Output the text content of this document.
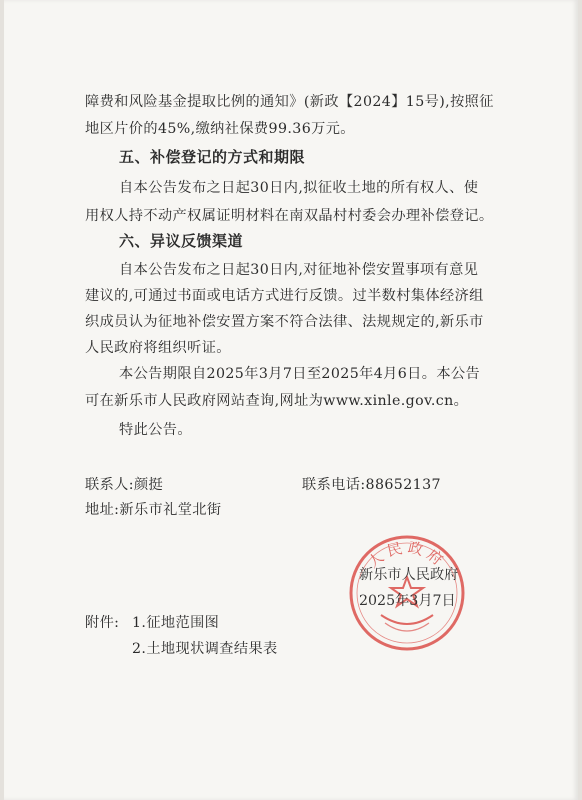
障费和风险基金提取比例的通知》(新政【2024】15号),按照征
地区片价的45%,缴纳社保费99.36万元。
五、补偿登记的方式和期限
自本公告发布之日起30日内,拟征收土地的所有权人、使
用权人持不动产权属证明材料在南双晶村村委会办理补偿登记。
六、异议反馈渠道
自本公告发布之日起30日内,对征地补偿安置事项有意见
建议的,可通过书面或电话方式进行反馈。过半数村集体经济组
织成员认为征地补偿安置方案不符合法律、法规规定的,新乐市
人民政府将组织听证。
本公告期限自2025年3月7日至2025年4月6日。本公告
可在新乐市人民政府网站查询,网址为www.xinle.gov.cn。
特此公告。
联系人:颜挺	联系电话:88652137
地址:新乐市礼堂北街
人民政府
新乐市人民政府
2025年3月7日
附件: 1.征地范围图
2.土地现状调查结果表
